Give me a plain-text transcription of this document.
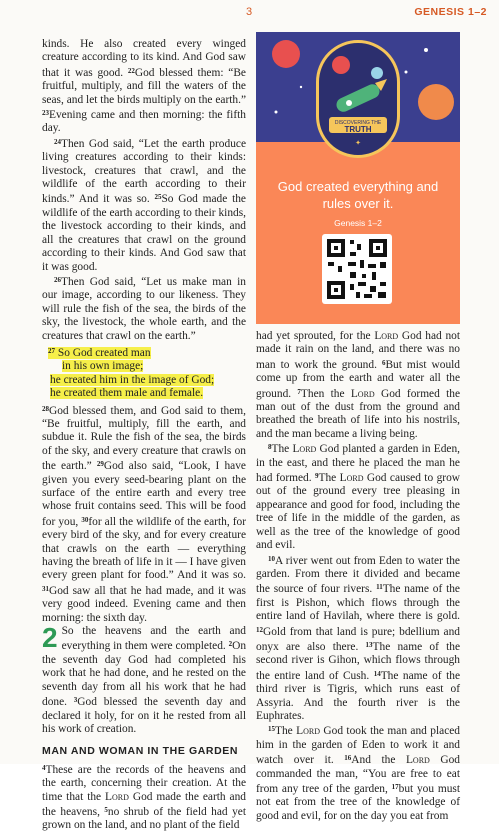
3	GENESIS 1–2
DISCOVERING THE
TRUTH
✦
God created everything and rules over it.
Genesis 1–2

kinds. He also created every winged creature according to its kind. And God saw that it was good. $^{22}$God blessed them: “Be fruitful, multiply, and fill the waters of the seas, and let the birds multiply on the earth.” $^{23}$Evening came and then morning: the fifth day.

$^{24}$Then God said, “Let the earth produce living creatures according to their kinds: livestock, creatures that crawl, and the wildlife of the earth according to their kinds.” And it was so. $^{25}$So God made the wildlife of the earth according to their kinds, the livestock according to their kinds, and all the creatures that crawl on the ground according to their kinds. And God saw that it was good.

$^{26}$Then God said, “Let us make man in our image, according to our likeness. They will rule the fish of the sea, the birds of the sky, the livestock, the whole earth, and the creatures that crawl on the earth.”

$^{27}$ So God created man
in his own image;
he created him in the image of God;
he created them male and female.

$^{28}$God blessed them, and God said to them, “Be fruitful, multiply, fill the earth, and subdue it. Rule the fish of the sea, the birds of the sky, and every creature that crawls on the earth.” $^{29}$God also said, “Look, I have given you every seed-bearing plant on the surface of the entire earth and every tree whose fruit contains seed. This will be food for you, $^{30}$for all the wildlife of the earth, for every bird of the sky, and for every creature that crawls on the earth — everything having the breath of life in it — I have given every green plant for food.” And it was so. $^{31}$God saw all that he had made, and it was very good indeed. Evening came and then morning: the sixth day.

2 So the heavens and the earth and everything in them were completed. $^2$On the seventh day God had completed his work that he had done, and he rested on the seventh day from all his work that he had done. $^3$God blessed the seventh day and declared it holy, for on it he rested from all his work of creation.

MAN AND WOMAN IN THE GARDEN

$^4$These are the records of the heavens and the earth, concerning their creation. At the time that the Lord God made the earth and the heavens, $^5$no shrub of the field had yet grown on the land, and no plant of the field

had yet sprouted, for the Lord God had not made it rain on the land, and there was no man to work the ground. $^6$But mist would come up from the earth and water all the ground. $^7$Then the Lord God formed the man out of the dust from the ground and breathed the breath of life into his nostrils, and the man became a living being.

$^8$The Lord God planted a garden in Eden, in the east, and there he placed the man he had formed. $^9$The Lord God caused to grow out of the ground every tree pleasing in appearance and good for food, including the tree of life in the middle of the garden, as well as the tree of the knowledge of good and evil.

$^{10}$A river went out from Eden to water the garden. From there it divided and became the source of four rivers. $^{11}$The name of the first is Pishon, which flows through the entire land of Havilah, where there is gold. $^{12}$Gold from that land is pure; bdellium and onyx are also there. $^{13}$The name of the second river is Gihon, which flows through the entire land of Cush. $^{14}$The name of the third river is Tigris, which runs east of Assyria. And the fourth river is the Euphrates.

$^{15}$The Lord God took the man and placed him in the garden of Eden to work it and watch over it. $^{16}$And the Lord God commanded the man, “You are free to eat from any tree of the garden, $^{17}$but you must not eat from the tree of the knowledge of good and evil, for on the day you eat from
